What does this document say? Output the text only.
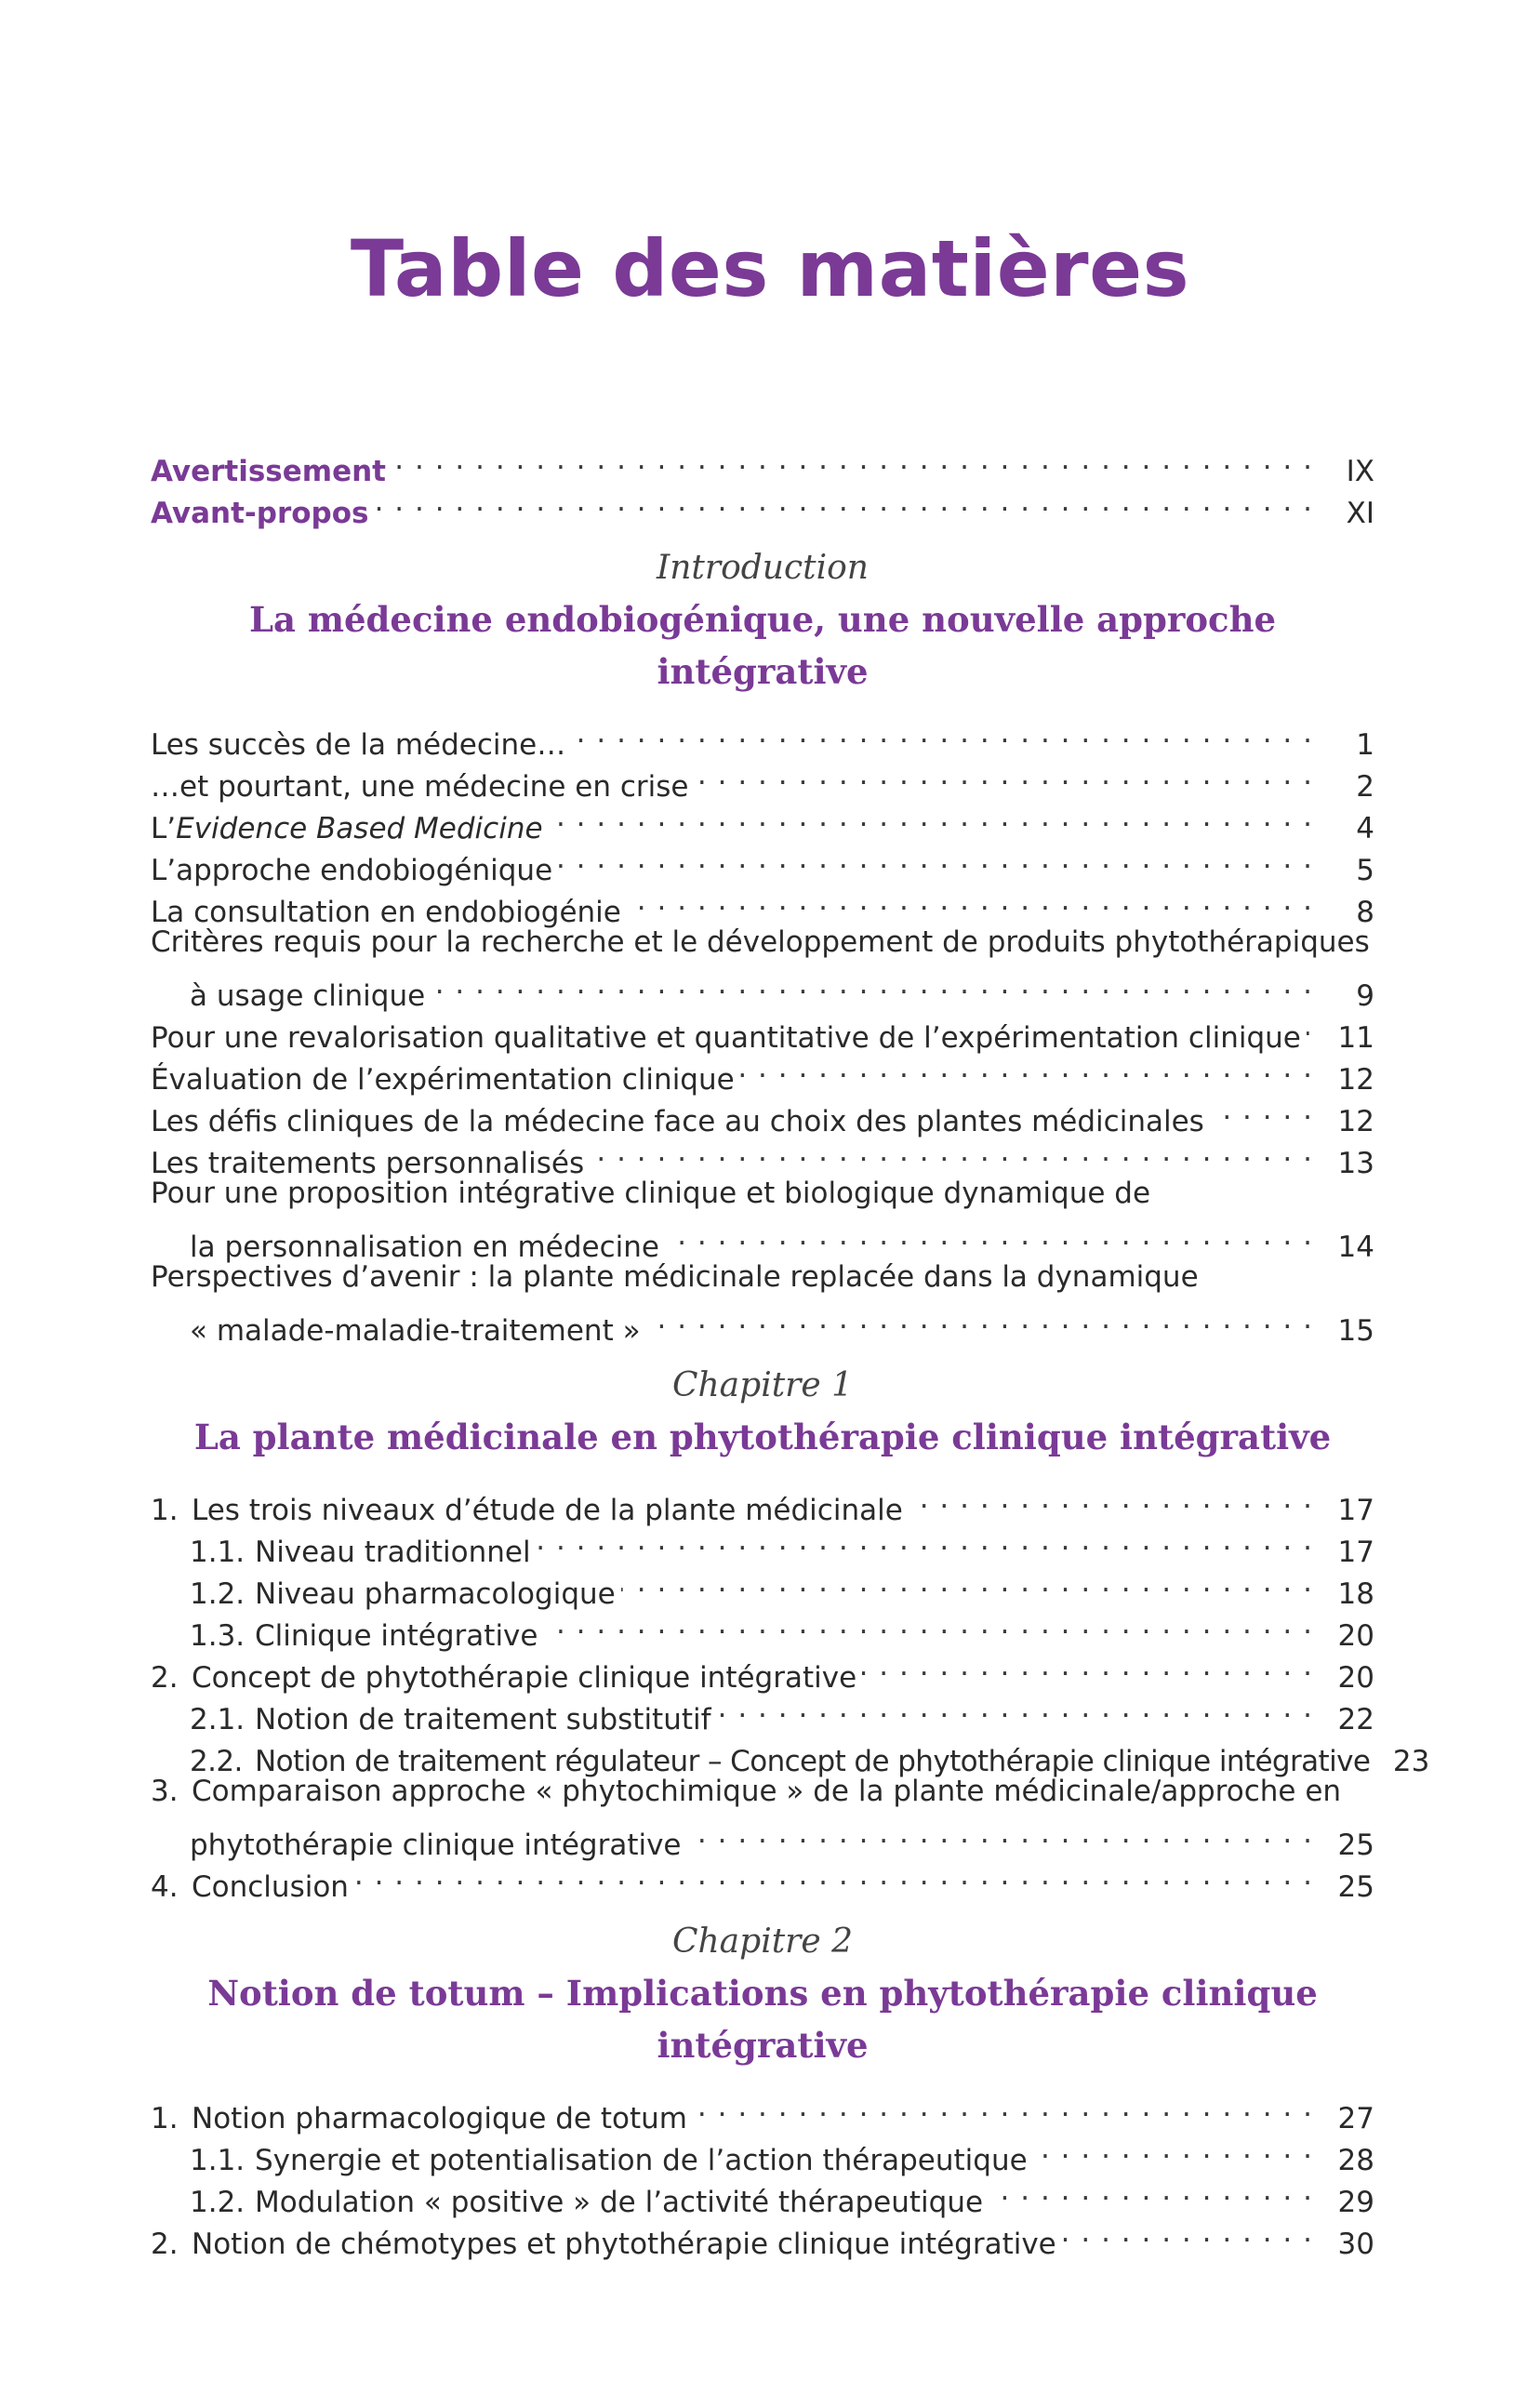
Table des matières
Avertissement . . .	IX
Avant-propos . . .	XI
Introduction
La médecine endobiogénique, une nouvelle approche intégrative
Les succès de la médecine… . . .	1
…et pourtant, une médecine en crise . . .	2
L’Evidence Based Medicine . . .	4
L’approche endobiogénique . . .	5
La consultation en endobiogénie . . .	8
Critères requis pour la recherche et le développement de produits phytothérapiques
à usage clinique . . .	9
Pour une revalorisation qualitative et quantitative de l’expérimentation clinique . . .	11
Évaluation de l’expérimentation clinique . . .	12
Les défis cliniques de la médecine face au choix des plantes médicinales . . .	12
Les traitements personnalisés . . .	13
Pour une proposition intégrative clinique et biologique dynamique de
la personnalisation en médecine . . .	14
Perspectives d’avenir : la plante médicinale replacée dans la dynamique
« malade-maladie-traitement » . . .	15
Chapitre 1
La plante médicinale en phytothérapie clinique intégrative
1. Les trois niveaux d’étude de la plante médicinale . . .	17
1.1. Niveau traditionnel . . .	17
1.2. Niveau pharmacologique . . .	18
1.3. Clinique intégrative . . .	20
2. Concept de phytothérapie clinique intégrative . . .	20
2.1. Notion de traitement substitutif . . .	22
2.2. Notion de traitement régulateur – Concept de phytothérapie clinique intégrative 23
3. Comparaison approche « phytochimique » de la plante médicinale/approche en
phytothérapie clinique intégrative . . .	25
4. Conclusion . . .	25
Chapitre 2
Notion de totum – Implications en phytothérapie clinique intégrative
1. Notion pharmacologique de totum . . .	27
1.1. Synergie et potentialisation de l’action thérapeutique . . .	28
1.2. Modulation « positive » de l’activité thérapeutique . . .	29
2. Notion de chémotypes et phytothérapie clinique intégrative . . .	30
